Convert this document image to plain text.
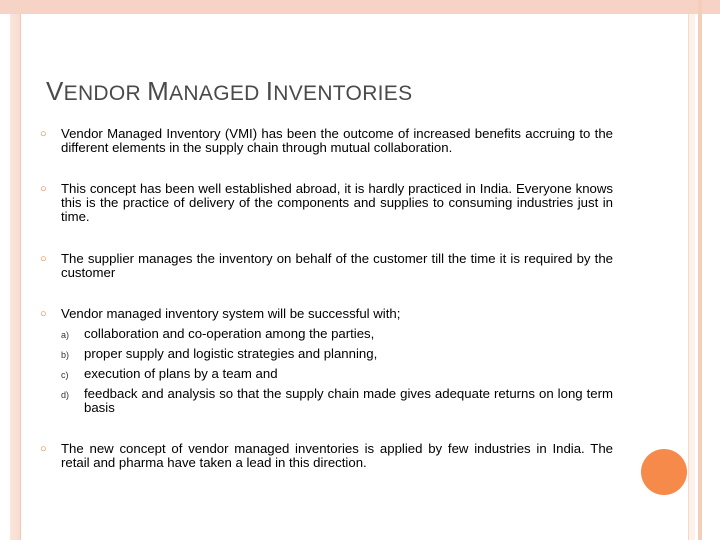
VENDOR MANAGED INVENTORIES
○ Vendor Managed Inventory (VMI) has been the outcome of increased benefits accruing to the different elements in the supply chain through mutual collaboration.
○ This concept has been well established abroad, it is hardly practiced in India. Everyone knows this is the practice of delivery of the components and supplies to consuming industries just in time.
○ The supplier manages the inventory on behalf of the customer till the time it is required by the customer
○ Vendor managed inventory system will be successful with;
a) collaboration and co-operation among the parties,
b) proper supply and logistic strategies and planning,
c) execution of plans by a team and
d) feedback and analysis so that the supply chain made gives adequate returns on long term basis
○ The new concept of vendor managed inventories is applied by few industries in India. The retail and pharma have taken a lead in this direction.
